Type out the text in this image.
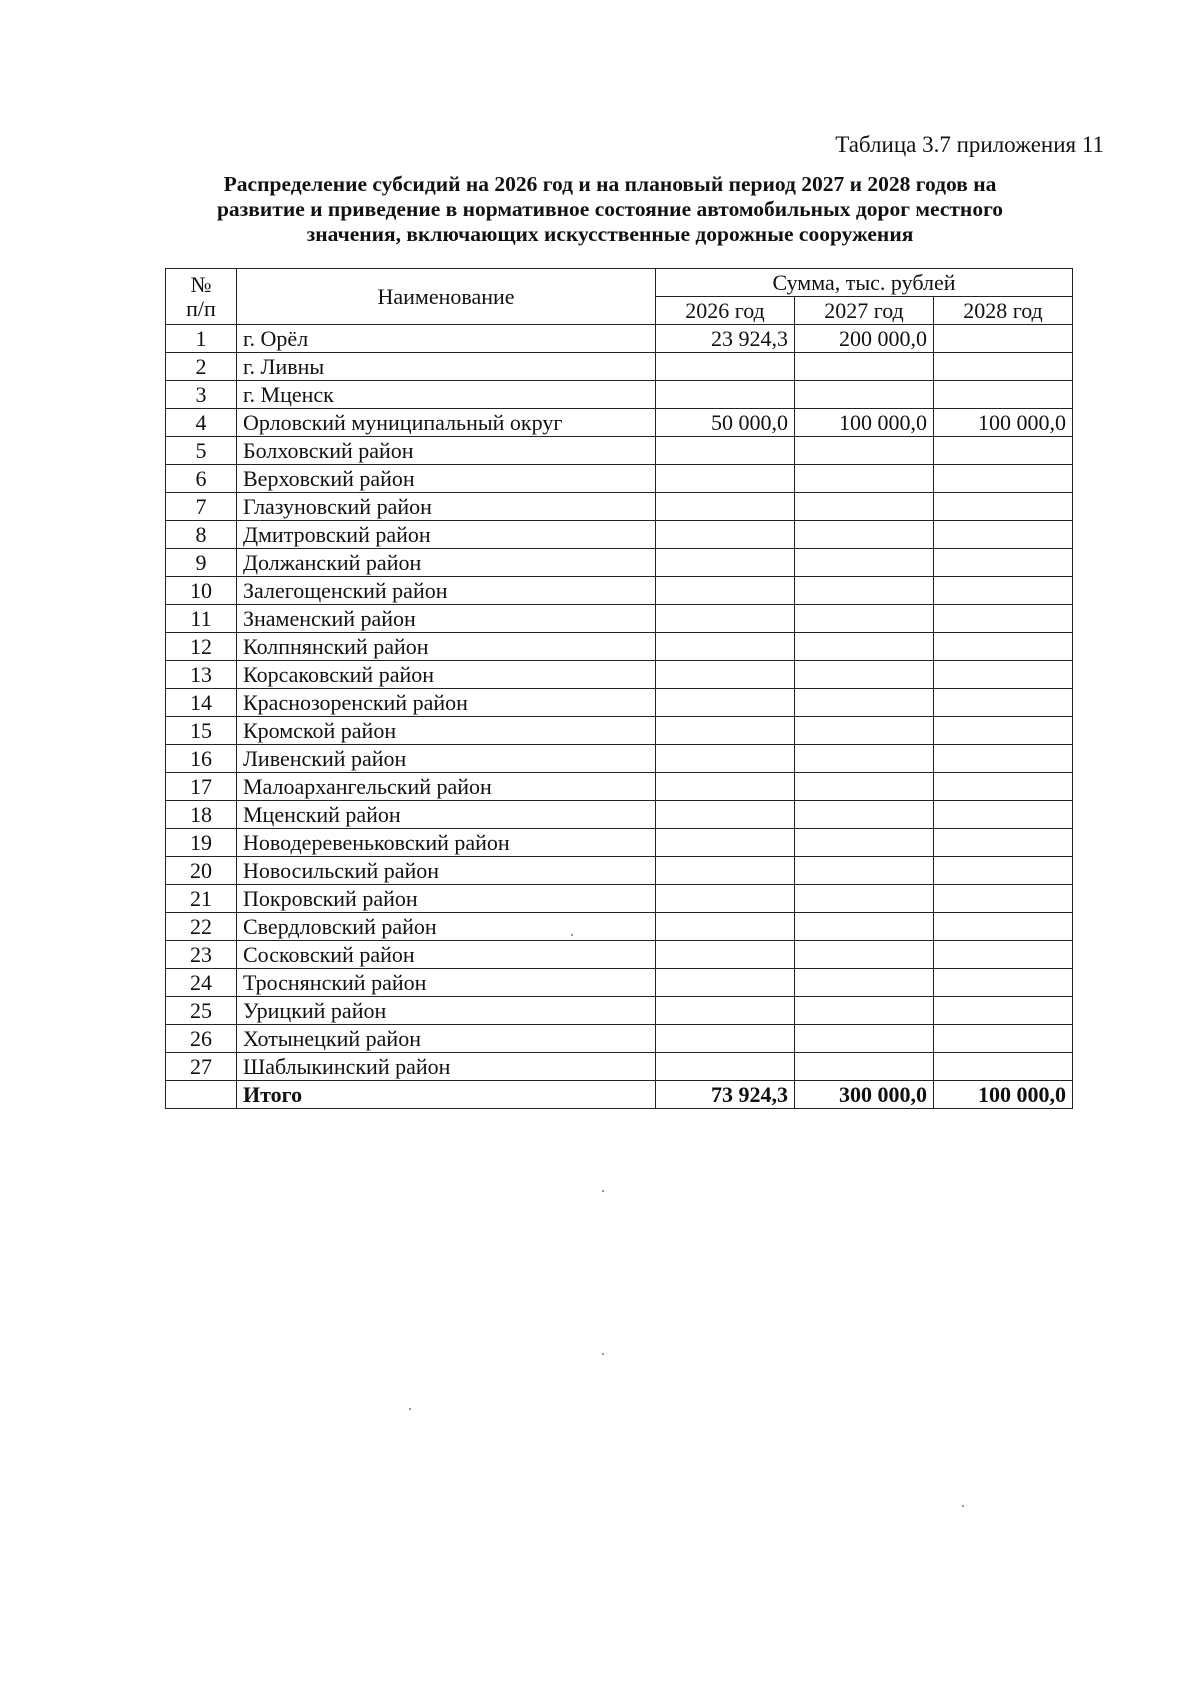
Таблица 3.7 приложения 11
Распределение субсидий на 2026 год и на плановый период 2027 и 2028 годов на
развитие и приведение в нормативное состояние автомобильных дорог местного
значения, включающих искусственные дорожные сооружения
№
п/п	Наименование	Сумма, тыс. рублей		
		2026 год	2027 год	2028 год
1	г. Орёл	23 924,3	200 000,0	
2	г. Ливны			
3	г. Мценск			
4	Орловский муниципальный округ	50 000,0	100 000,0	100 000,0
5	Болховский район			
6	Верховский район			
7	Глазуновский район			
8	Дмитровский район			
9	Должанский район			
10	Залегощенский район			
11	Знаменский район			
12	Колпнянский район			
13	Корсаковский район			
14	Краснозоренский район			
15	Кромской район			
16	Ливенский район			
17	Малоархангельский район			
18	Мценский район			
19	Новодеревеньковский район			
20	Новосильский район			
21	Покровский район			
22	Свердловский район			
23	Сосковский район			
24	Троснянский район			
25	Урицкий район			
26	Хотынецкий район			
27	Шаблыкинский район			
	Итого	73 924,3	300 000,0	100 000,0
